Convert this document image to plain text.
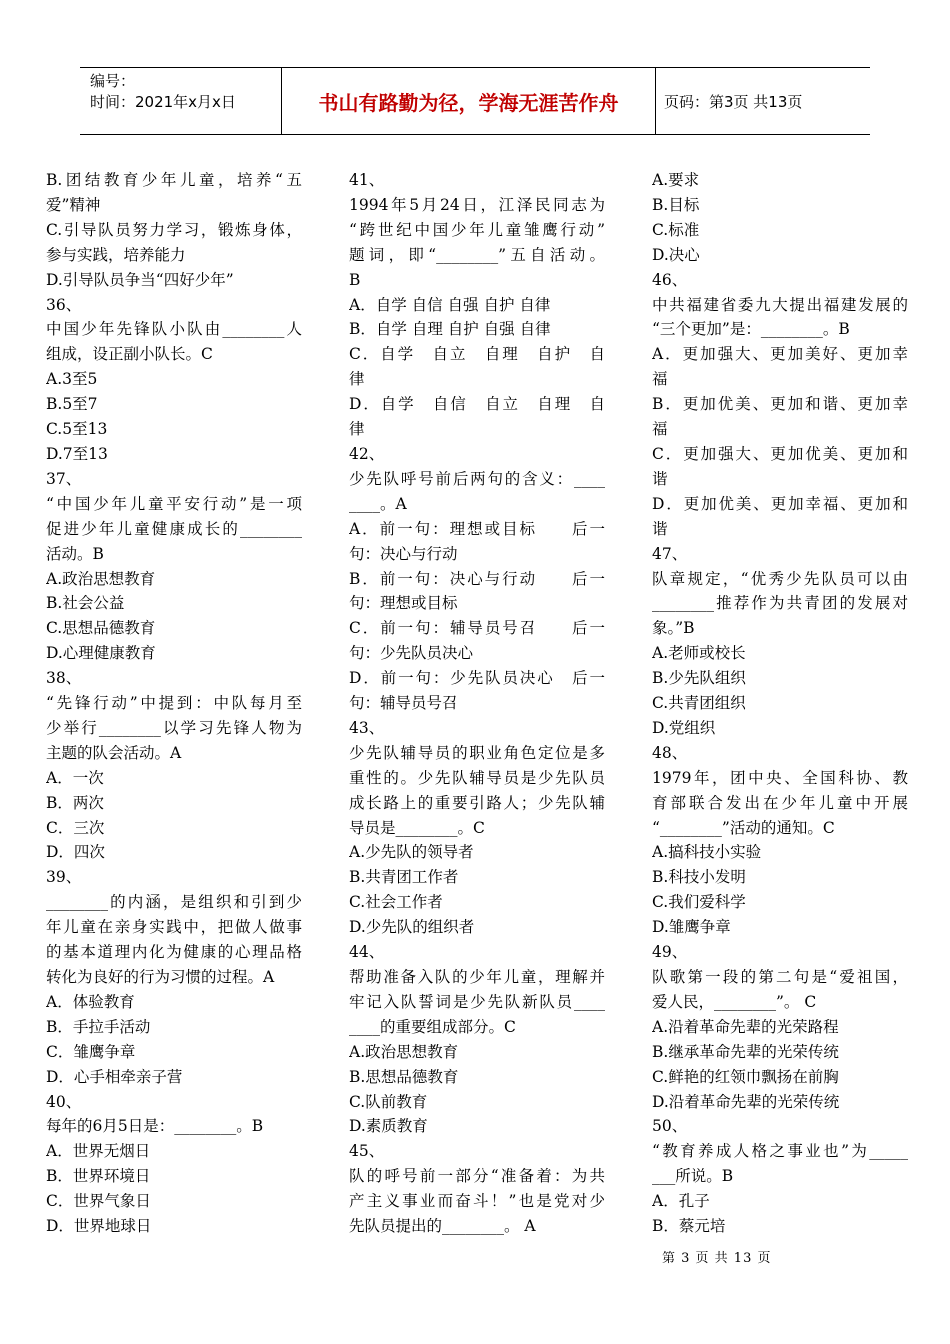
编号：
时间：2021年x月x日	书山有路勤为径，学海无涯苦作舟	页码：第3页 共13页
B.团结教育少年儿童，培养“五
爱”精神
C.引导队员努力学习，锻炼身体，
参与实践，培养能力
D.引导队员争当“四好少年”
36、
中国少年先锋队小队由________人
组成，设正副小队长。C
A.3至5
B.5至7
C.5至13
D.7至13
37、
“中国少年儿童平安行动”是一项
促进少年儿童健康成长的________
活动。B
A.政治思想教育
B.社会公益
C.思想品德教育
D.心理健康教育
38、
“先锋行动”中提到：中队每月至
少举行________以学习先锋人物为
主题的队会活动。A
A．一次
B．两次
C．三次
D．四次
39、
________的内涵，是组织和引到少
年儿童在亲身实践中，把做人做事
的基本道理内化为健康的心理品格
转化为良好的行为习惯的过程。A
A．体验教育
B．手拉手活动
C．雏鹰争章
D．心手相牵亲子营
40、
每年的6月5日是：________。B
A．世界无烟日
B．世界环境日
C．世界气象日
D．世界地球日
41、
1994年5月24日，江泽民同志为
“跨世纪中国少年儿童雏鹰行动”
题词，即“________”五自活动。
B
A．自学 自信 自强 自护 自律
B．自学 自理 自护 自强 自律
C．自学　自立　自理　自护　自
律
D．自学　自信　自立　自理　自
律
42、
少先队呼号前后两句的含义：____
____。A
A．前一句：理想或目标　　后一
句：决心与行动
B．前一句：决心与行动　　后一
句：理想或目标
C．前一句：辅导员号召　　后一
句：少先队员决心
D．前一句：少先队员决心　后一
句：辅导员号召
43、
少先队辅导员的职业角色定位是多
重性的。少先队辅导员是少先队员
成长路上的重要引路人；少先队辅
导员是________。C
A.少先队的领导者
B.共青团工作者
C.社会工作者
D.少先队的组织者
44、
帮助准备入队的少年儿童，理解并
牢记入队誓词是少先队新队员____
____的重要组成部分。C
A.政治思想教育
B.思想品德教育
C.队前教育
D.素质教育
45、
队的呼号前一部分“准备着：为共
产主义事业而奋斗！”也是党对少
先队员提出的________。 A
A.要求
B.目标
C.标准
D.决心
46、
中共福建省委九大提出福建发展的
“三个更加”是：________。B
A．更加强大、更加美好、更加幸
福
B．更加优美、更加和谐、更加幸
福
C．更加强大、更加优美、更加和
谐
D．更加优美、更加幸福、更加和
谐
47、
队章规定，“优秀少先队员可以由
________推荐作为共青团的发展对
象。”B
A.老师或校长
B.少先队组织
C.共青团组织
D.党组织
48、
1979年，团中央、全国科协、教
育部联合发出在少年儿童中开展
“________”活动的通知。C
A.搞科技小实验
B.科技小发明
C.我们爱科学
D.雏鹰争章
49、
队歌第一段的第二句是“爱祖国，
爱人民，________”。 C
A.沿着革命先辈的光荣路程
B.继承革命先辈的光荣传统
C.鲜艳的红领巾飘扬在前胸
D.沿着革命先辈的光荣传统
50、
“教育养成人格之事业也”为_____
___所说。B
A．孔子
B．蔡元培
第 3 页 共 13 页
